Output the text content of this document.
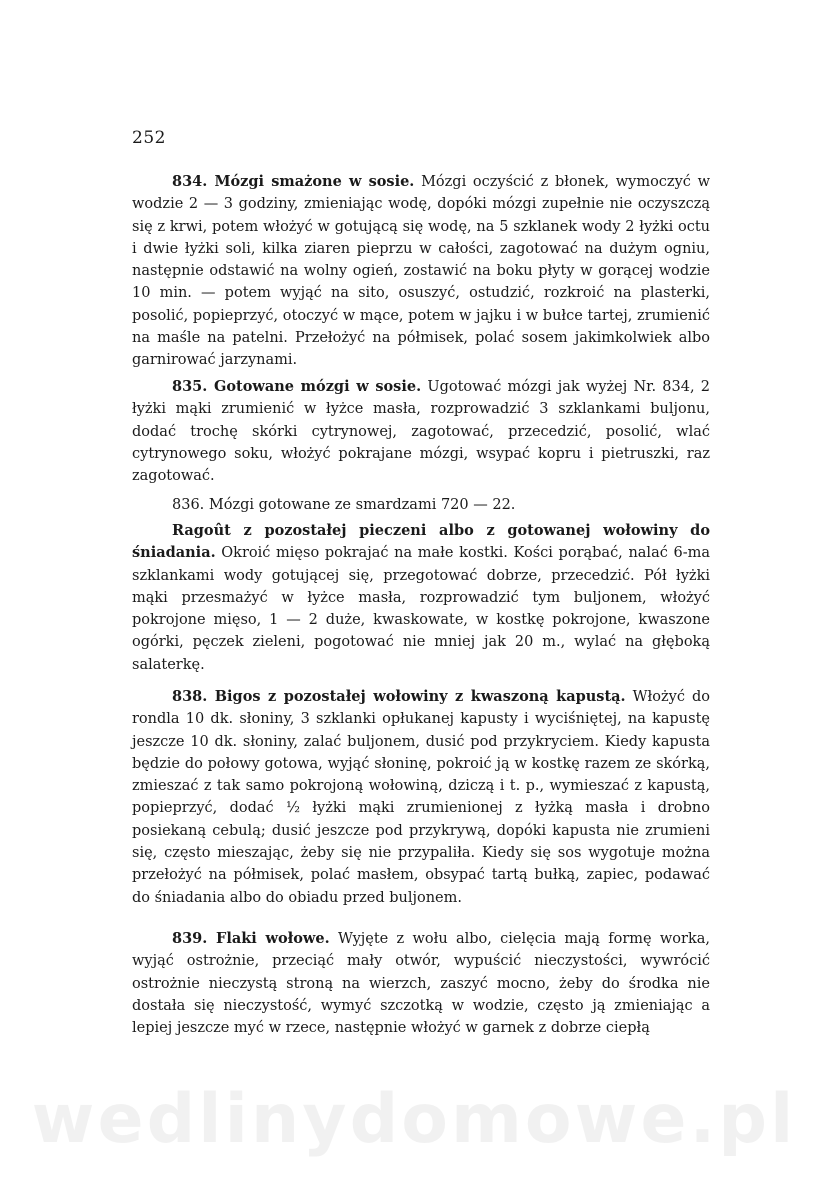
252

834. Mózgi smażone w sosie. Mózgi oczyścić z błonek, wymoczyć w wodzie 2 — 3 godziny, zmieniając wodę, dopóki mózgi zupełnie nie oczyszczą się z krwi, potem włożyć w gotującą się wodę, na 5 szklanek wody 2 łyżki octu i dwie łyżki soli, kilka ziaren pieprzu w całości, zagotować na dużym ogniu, następnie odstawić na wolny ogień, zostawić na boku płyty w gorącej wodzie 10 min. — potem wyjąć na sito, osuszyć, ostudzić, rozkroić na plasterki, posolić, popieprzyć, otoczyć w mące, potem w jajku i w bułce tartej, zrumienić na maśle na patelni. Przełożyć na półmisek, polać sosem jakimkolwiek albo garnirować jarzynami.

835. Gotowane mózgi w sosie. Ugotować mózgi jak wyżej Nr. 834, 2 łyżki mąki zrumienić w łyżce masła, rozprowadzić 3 szklankami buljonu, dodać trochę skórki cytrynowej, zagotować, przecedzić, posolić, wlać cytrynowego soku, włożyć pokrajane mózgi, wsypać kopru i pietruszki, raz zagotować.

836. Mózgi gotowane ze smardzami 720 — 22.

Ragoût z pozostałej pieczeni albo z gotowanej wołowiny do śniadania. Okroić mięso pokrajać na małe kostki. Kości porąbać, nalać 6-ma szklankami wody gotującej się, przegotować dobrze, przecedzić. Pół łyżki mąki przesmażyć w łyżce masła, rozprowadzić tym buljonem, włożyć pokrojone mięso, 1 — 2 duże, kwaskowate, w kostkę pokrojone, kwaszone ogórki, pęczek zieleni, pogotować nie mniej jak 20 m., wylać na głęboką salaterkę.

838. Bigos z pozostałej wołowiny z kwaszoną kapustą. Włożyć do rondla 10 dk. słoniny, 3 szklanki opłukanej kapusty i wyciśniętej, na kapustę jeszcze 10 dk. słoniny, zalać buljonem, dusić pod przykryciem. Kiedy kapusta będzie do połowy gotowa, wyjąć słoninę, pokroić ją w kostkę razem ze skórką, zmieszać z tak samo pokrojoną wołowiną, dziczą i t. p., wymieszać z kapustą, popieprzyć, dodać ½ łyżki mąki zrumienionej z łyżką masła i drobno posiekaną cebulą; dusić jeszcze pod przykrywą, dopóki kapusta nie zrumieni się, często mieszając, żeby się nie przypaliła. Kiedy się sos wygotuje można przełożyć na półmisek, polać masłem, obsypać tartą bułką, zapiec, podawać do śniadania albo do obiadu przed buljonem.

839. Flaki wołowe. Wyjęte z wołu albo, cielęcia mają formę worka, wyjąć ostrożnie, przeciąć mały otwór, wypuścić nieczystości, wywrócić ostrożnie nieczystą stroną na wierzch, zaszyć mocno, żeby do środka nie dostała się nieczystość, wymyć szczotką w wodzie, często ją zmieniając a lepiej jeszcze myć w rzece, następnie włożyć w garnek z dobrze ciepłą

wedlinydomowe.pl
